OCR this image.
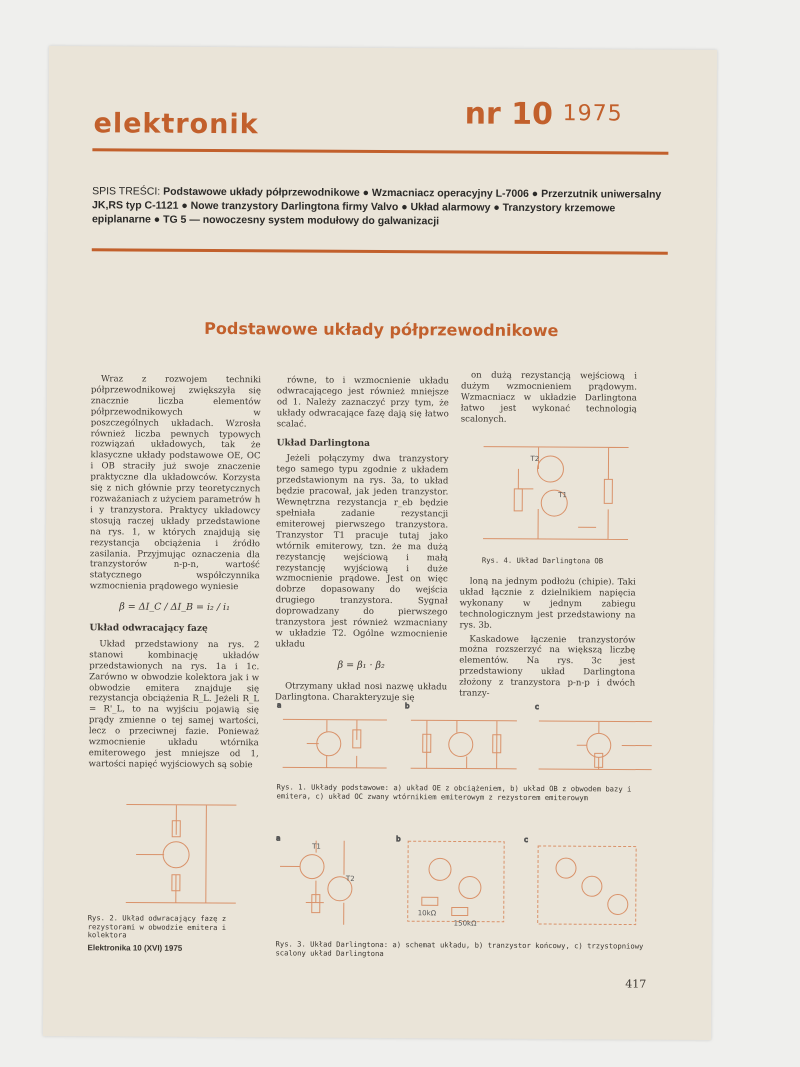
elektronik	nr 10 1975
SPIS TREŚCI: Podstawowe układy półprzewodnikowe ● Wzmacniacz operacyjny L-7006 ● Przerzutnik uniwersalny JK,RS typ C-1121 ● Nowe tranzystory Darlingtona firmy Valvo ● Układ alarmowy ● Tranzystory krzemowe epiplanarne ● TG 5 — nowoczesny system modułowy do galwanizacji
Podstawowe układy półprzewodnikowe

Wraz z rozwojem techniki półprzewodnikowej zwiększyła się znacznie liczba elementów półprzewodnikowych w poszczególnych układach. Wzrosła również liczba pewnych typowych rozwiązań układowych, tak że klasyczne układy podstawowe OE, OC i OB straciły już swoje znaczenie praktyczne dla układowców. Korzysta się z nich głównie przy teoretycznych rozważaniach z użyciem parametrów h i y tranzystora. Praktycy układowcy stosują raczej układy przedstawione na rys. 1, w których znajdują się rezystancja obciążenia i źródło zasilania. Przyjmując oznaczenia dla tranzystorów n-p-n, wartość statycznego współczynnika wzmocnienia prądowego wyniesie

β = ΔI_C / ΔI_B = i₂ / i₁
Układ odwracający fazę

Układ przedstawiony na rys. 2 stanowi kombinację układów przedstawionych na rys. 1a i 1c. Zarówno w obwodzie kolektora jak i w obwodzie emitera znajduje się rezystancja obciążenia R_L. Jeżeli R_L = R'_L, to na wyjściu pojawią się prądy zmienne o tej samej wartości, lecz o przeciwnej fazie. Ponieważ wzmocnienie układu wtórnika emiterowego jest mniejsze od 1, wartości napięć wyjściowych są sobie

równe, to i wzmocnienie układu odwracającego jest również mniejsze od 1. Należy zaznaczyć przy tym, że układy odwracające fazę dają się łatwo scalać.

Układ Darlingtona

Jeżeli połączymy dwa tranzystory tego samego typu zgodnie z układem przedstawionym na rys. 3a, to układ będzie pracował, jak jeden tranzystor. Wewnętrzna rezystancja r_eb będzie spełniała zadanie rezystancji emiterowej pierwszego tranzystora. Tranzystor T1 pracuje tutaj jako wtórnik emiterowy, tzn. że ma dużą rezystancję wejściową i małą rezystancję wyjściową i duże wzmocnienie prądowe. Jest on więc dobrze dopasowany do wejścia drugiego tranzystora. Sygnał doprowadzany do pierwszego tranzystora jest również wzmacniany w układzie T2. Ogólne wzmocnienie układu

β = β₁ · β₂

Otrzymany układ nosi nazwę układu Darlingtona. Charakteryzuje się

on dużą rezystancją wejściową i dużym wzmocnieniem prądowym. Wzmacniacz w układzie Darlingtona łatwo jest wykonać technologią scalonych.

T2
T1
Rys. 4. Układ Darlingtona OB

loną na jednym podłożu (chipie). Taki układ łącznie z dzielnikiem napięcia wykonany w jednym zabiegu technologicznym jest przedstawiony na rys. 3b.

Kaskadowe łączenie tranzystorów można rozszerzyć na większą liczbę elementów. Na rys. 3c jest przedstawiony układ Darlingtona złożony z tranzystora p-n-p i dwóch tranzy-

a	b	c
Rys. 1. Układy podstawowe: a) układ OE z obciążeniem, b) układ OB z obwodem bazy i emitera, c) układ OC zwany wtórnikiem emiterowym z rezystorem emiterowym
Rys. 2. Układ odwracający fazę z rezystorami w obwodzie emitera i kolektora
a
T1
T2
b
10kΩ
150kΩ
c
Rys. 3. Układ Darlingtona: a) schemat układu, b) tranzystor końcowy, c) trzystopniowy scalony układ Darlingtona
Elektronika 10 (XVI) 1975
417
